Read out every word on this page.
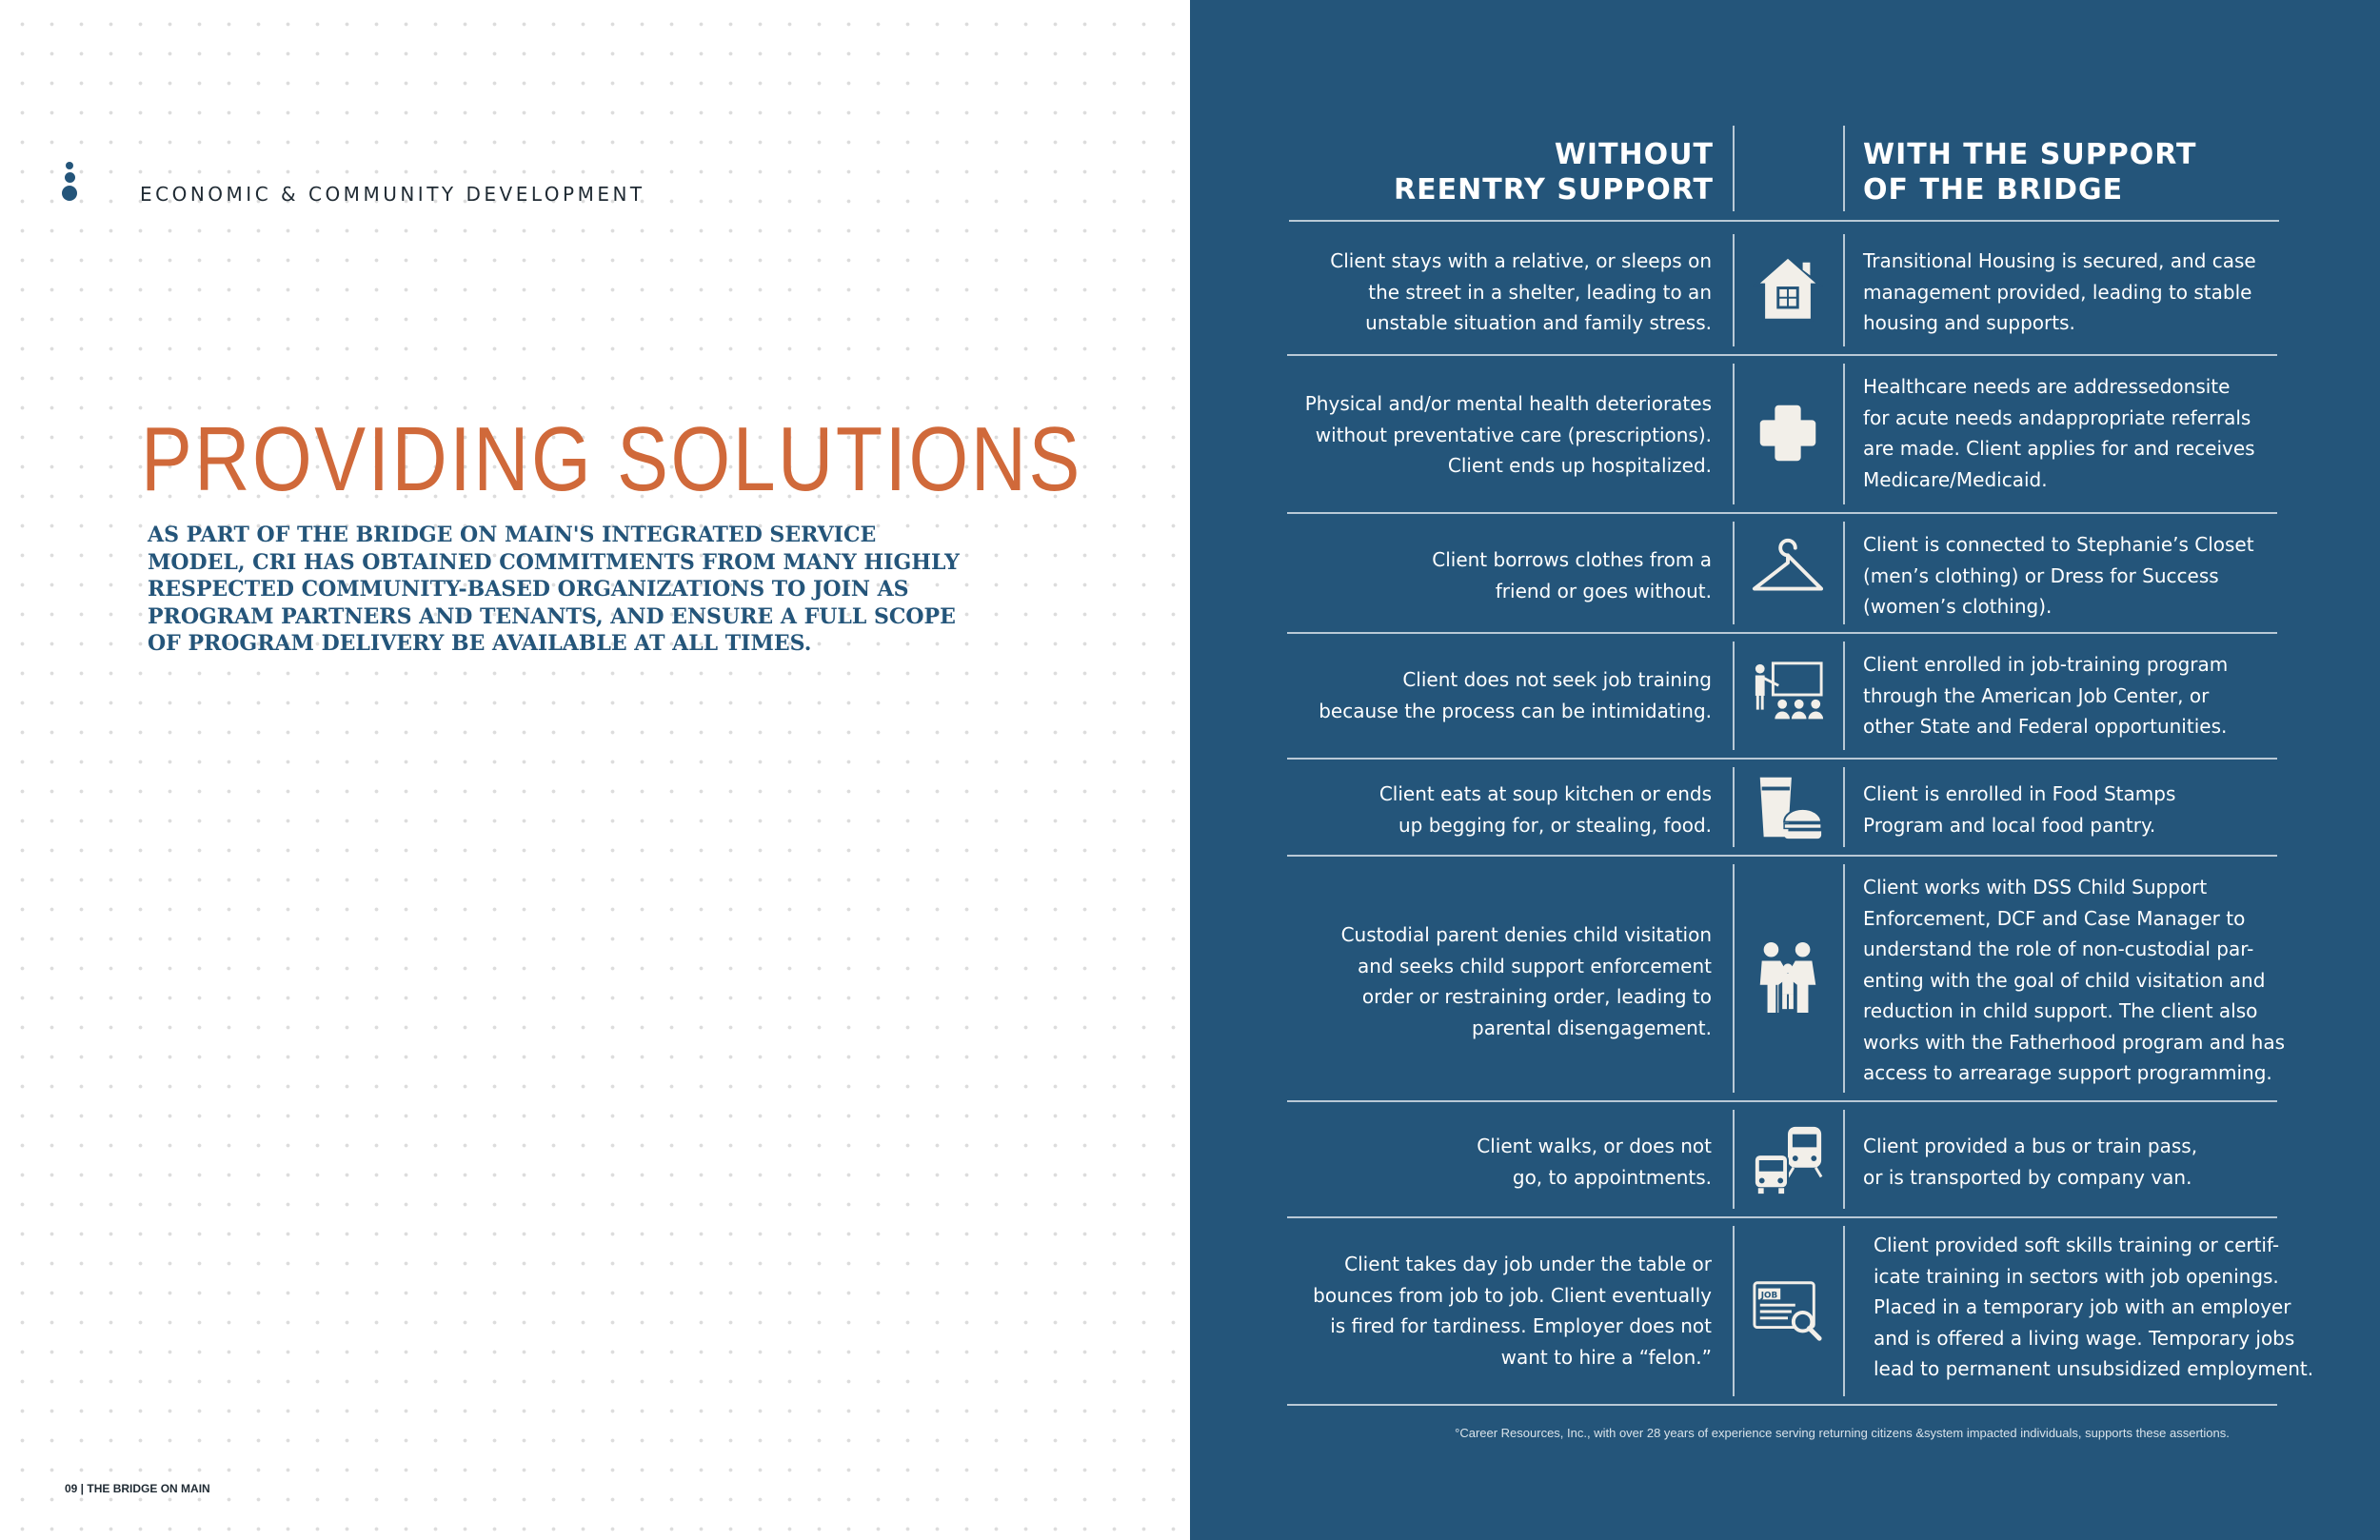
ECONOMIC & COMMUNITY DEVELOPMENT
PROVIDING SOLUTIONS
AS PART OF THE BRIDGE ON MAIN'S INTEGRATED SERVICE MODEL, CRI HAS OBTAINED COMMITMENTS FROM MANY HIGHLY RESPECTED COMMUNITY-BASED ORGANIZATIONS TO JOIN AS PROGRAM PARTNERS AND TENANTS, AND ENSURE A FULL SCOPE OF PROGRAM DELIVERY BE AVAILABLE AT ALL TIMES.
09 | THE BRIDGE ON MAIN
WITHOUT
REENTRY SUPPORT
WITH THE SUPPORT
OF THE BRIDGE
Client stays with a relative, or sleeps on
the street in a shelter, leading to an
unstable situation and family stress.
Transitional Housing is secured, and case
management provided, leading to stable
housing and supports.
Physical and/or mental health deteriorates
without preventative care (prescriptions).
Client ends up hospitalized.
Healthcare needs are addressedonsite
for acute needs andappropriate referrals
are made. Client applies for and receives
Medicare/Medicaid.
Client borrows clothes from a
friend or goes without.
Client is connected to Stephanie’s Closet
(men’s clothing) or Dress for Success
(women’s clothing).
Client does not seek job training
because the process can be intimidating.
Client enrolled in job-training program
through the American Job Center, or
other State and Federal opportunities.
Client eats at soup kitchen or ends
up begging for, or stealing, food.
Client is enrolled in Food Stamps
Program and local food pantry.
Custodial parent denies child visitation
and seeks child support enforcement
order or restraining order, leading to
parental disengagement.
Client works with DSS Child Support
Enforcement, DCF and Case Manager to
understand the role of non-custodial par-
enting with the goal of child visitation and
reduction in child support. The client also
works with the Fatherhood program and has
access to arrearage support programming.
Client walks, or does not
go, to appointments.
Client provided a bus or train pass,
or is transported by company van.
Client takes day job under the table or
bounces from job to job. Client eventually
is fired for tardiness. Employer does not
want to hire a “felon.”
Client provided soft skills training or certif-
icate training in sectors with job openings.
Placed in a temporary job with an employer
and is offered a living wage. Temporary jobs
lead to permanent unsubsidized employment.
JOB
°Career Resources, Inc., with over 28 years of experience serving returning citizens &system impacted individuals, supports these assertions.
